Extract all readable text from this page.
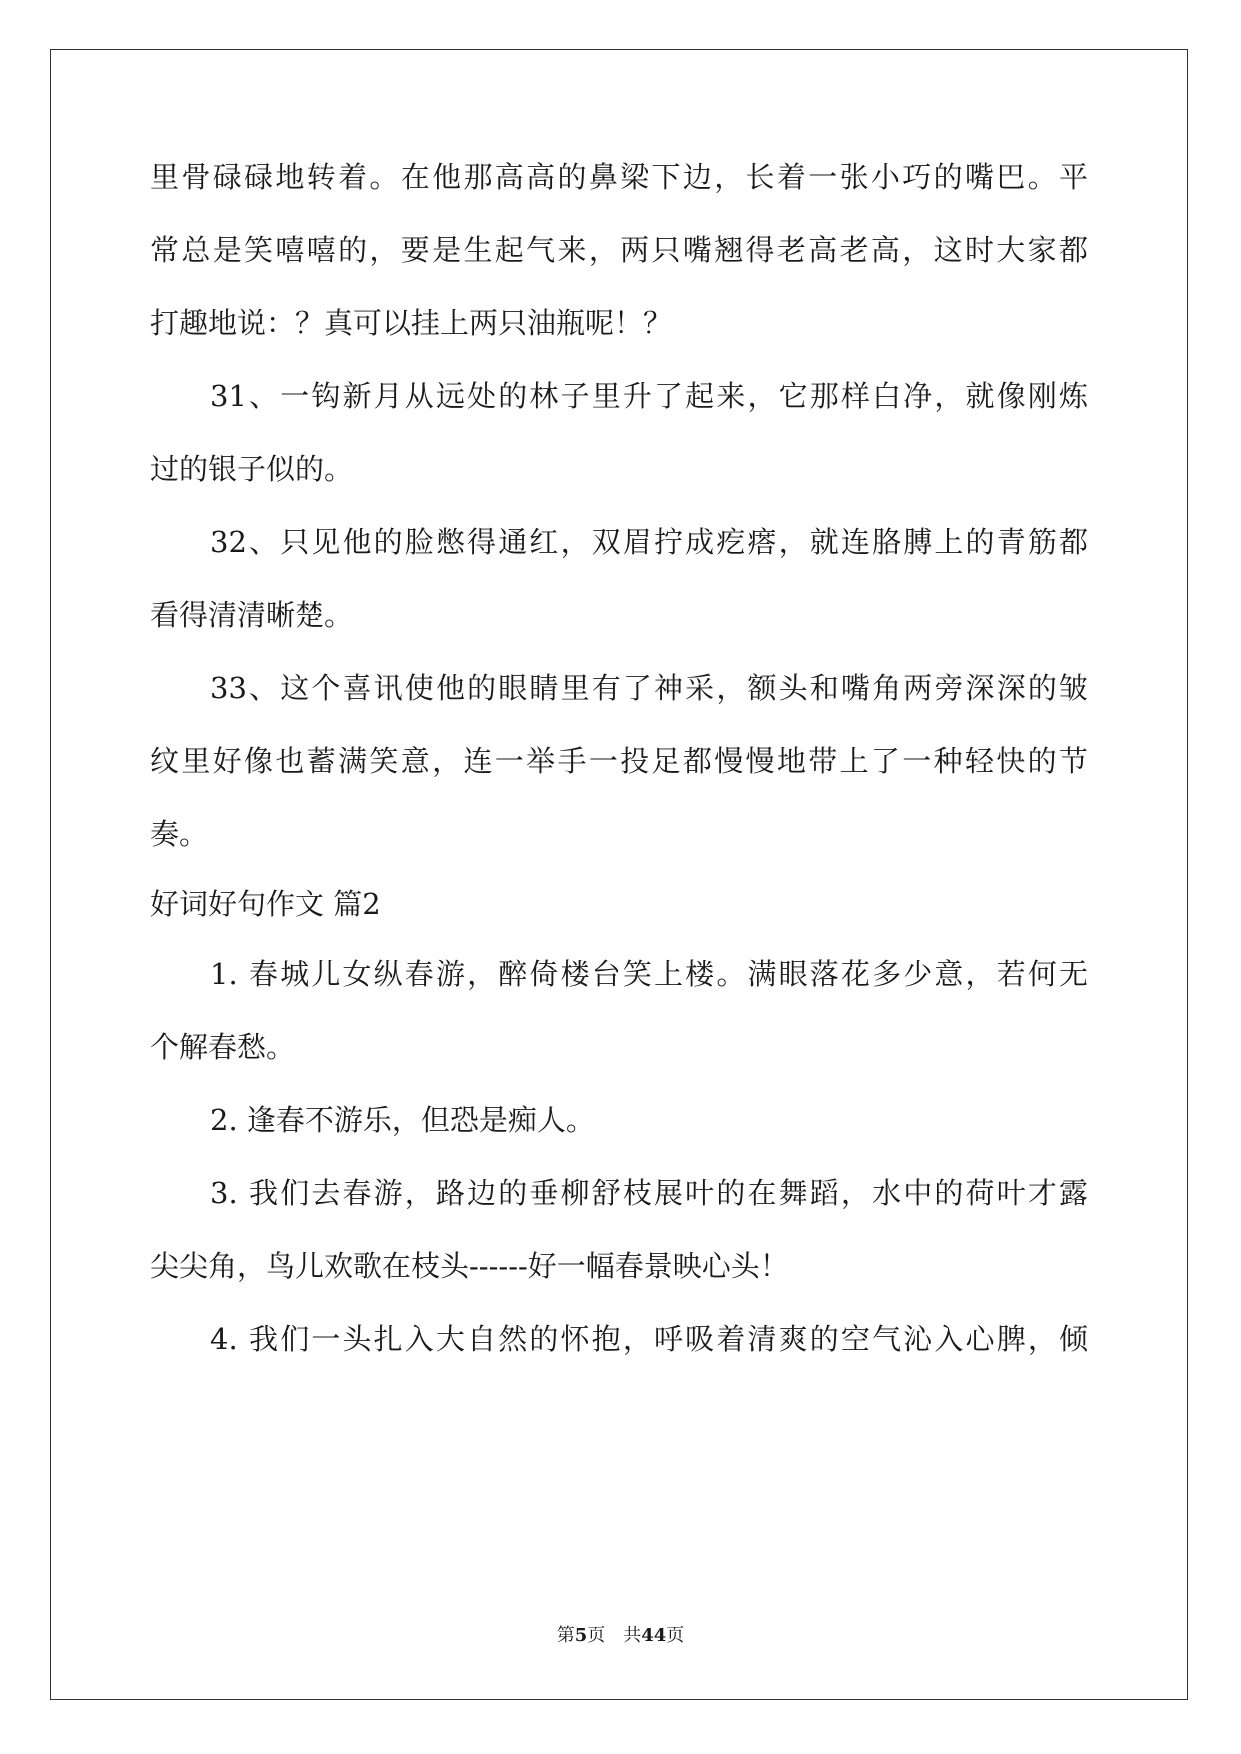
里骨碌碌地转着。在他那高高的鼻梁下边，长着一张小巧的嘴巴。平
常总是笑嘻嘻的，要是生起气来，两只嘴翘得老高老高，这时大家都
打趣地说：？真可以挂上两只油瓶呢！？
31、一钩新月从远处的林子里升了起来，它那样白净，就像刚炼
过的银子似的。
32、只见他的脸憋得通红，双眉拧成疙瘩，就连胳膊上的青筋都
看得清清晰楚。
33、这个喜讯使他的眼睛里有了神采，额头和嘴角两旁深深的皱
纹里好像也蓄满笑意，连一举手一投足都慢慢地带上了一种轻快的节
奏。
好词好句作文 篇2
1. 春城儿女纵春游，醉倚楼台笑上楼。满眼落花多少意，若何无
个解春愁。
2. 逢春不游乐，但恐是痴人。
3. 我们去春游，路边的垂柳舒枝展叶的在舞蹈，水中的荷叶才露
尖尖角，鸟儿欢歌在枝头------好一幅春景映心头！
4. 我们一头扎入大自然的怀抱，呼吸着清爽的空气沁入心脾，倾
第5页　共44页
